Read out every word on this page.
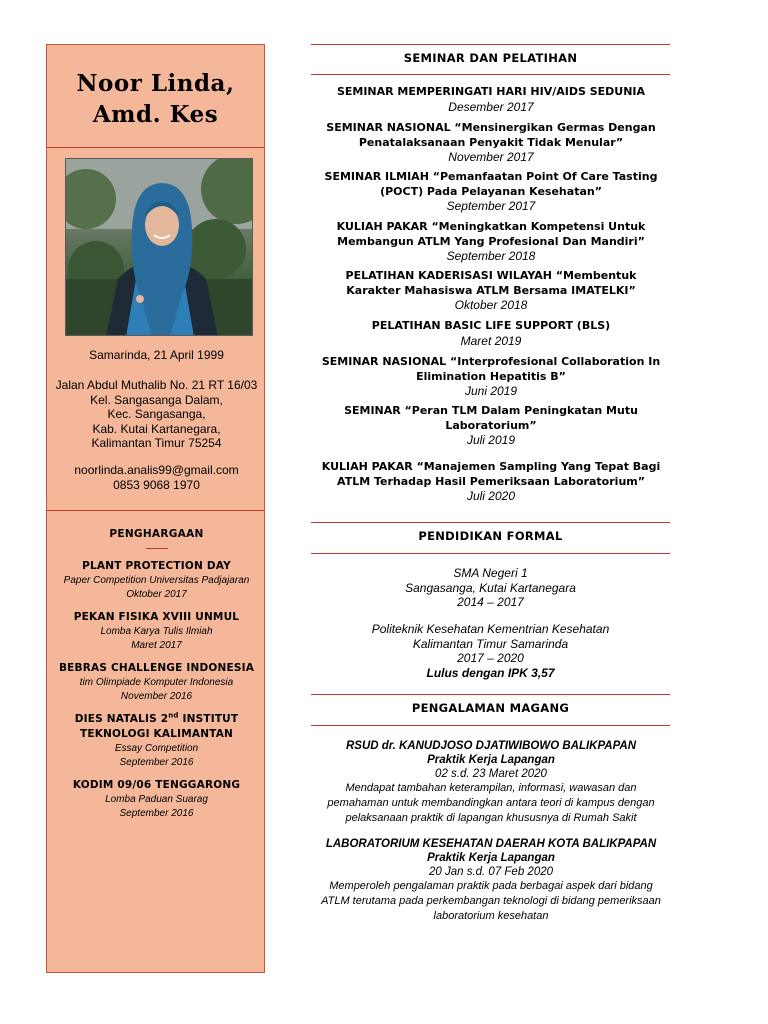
Noor Linda,
Amd. Kes
Samarinda, 21 April 1999
Jalan Abdul Muthalib No. 21 RT 16/03
Kel. Sangasanga Dalam,
Kec. Sangasanga,
Kab. Kutai Kartanegara,
Kalimantan Timur 75254
noorlinda.analis99@gmail.com
0853 9068 1970
PENGHARGAAN
PLANT PROTECTION DAY
Paper Competition Universitas Padjajaran
Oktober 2017
PEKAN FISIKA XVIII UNMUL
Lomba Karya Tulis Ilmiah
Maret 2017
BEBRAS CHALLENGE INDONESIA
tim Olimpiade Komputer Indonesia
November 2016
DIES NATALIS 2nd INSTITUT
TEKNOLOGI KALIMANTAN
Essay Competition
September 2016
KODIM 09/06 TENGGARONG
Lomba Paduan Suarag
September 2016
SEMINAR DAN PELATIHAN
SEMINAR MEMPERINGATI HARI HIV/AIDS SEDUNIA
Desember 2017
SEMINAR NASIONAL “Mensinergikan Germas Dengan
Penatalaksanaan Penyakit Tidak Menular”
November 2017
SEMINAR ILMIAH “Pemanfaatan Point Of Care Tasting
(POCT) Pada Pelayanan Kesehatan”
September 2017
KULIAH PAKAR “Meningkatkan Kompetensi Untuk
Membangun ATLM Yang Profesional Dan Mandiri”
September 2018
PELATIHAN KADERISASI WILAYAH “Membentuk
Karakter Mahasiswa ATLM Bersama IMATELKI”
Oktober 2018
PELATIHAN BASIC LIFE SUPPORT (BLS)
Maret 2019
SEMINAR NASIONAL “Interprofesional Collaboration In
Elimination Hepatitis B”
Juni 2019
SEMINAR “Peran TLM Dalam Peningkatan Mutu
Laboratorium”
Juli 2019
KULIAH PAKAR “Manajemen Sampling Yang Tepat Bagi
ATLM Terhadap Hasil Pemeriksaan Laboratorium”
Juli 2020
PENDIDIKAN FORMAL
SMA Negeri 1
Sangasanga, Kutai Kartanegara
2014 – 2017
Politeknik Kesehatan Kementrian Kesehatan
Kalimantan Timur Samarinda
2017 – 2020
Lulus dengan IPK 3,57
PENGALAMAN MAGANG
RSUD dr. KANUDJOSO DJATIWIBOWO BALIKPAPAN
Praktik Kerja Lapangan
02 s.d. 23 Maret 2020
Mendapat tambahan keterampilan, informasi, wawasan dan
pemahaman untuk membandingkan antara teori di kampus dengan
pelaksanaan praktik di lapangan khususnya di Rumah Sakit
LABORATORIUM KESEHATAN DAERAH KOTA BALIKPAPAN
Praktik Kerja Lapangan
20 Jan s.d. 07 Feb 2020
Memperoleh pengalaman praktik pada berbagai aspek dari bidang
ATLM terutama pada perkembangan teknologi di bidang pemeriksaan
laboratorium kesehatan
